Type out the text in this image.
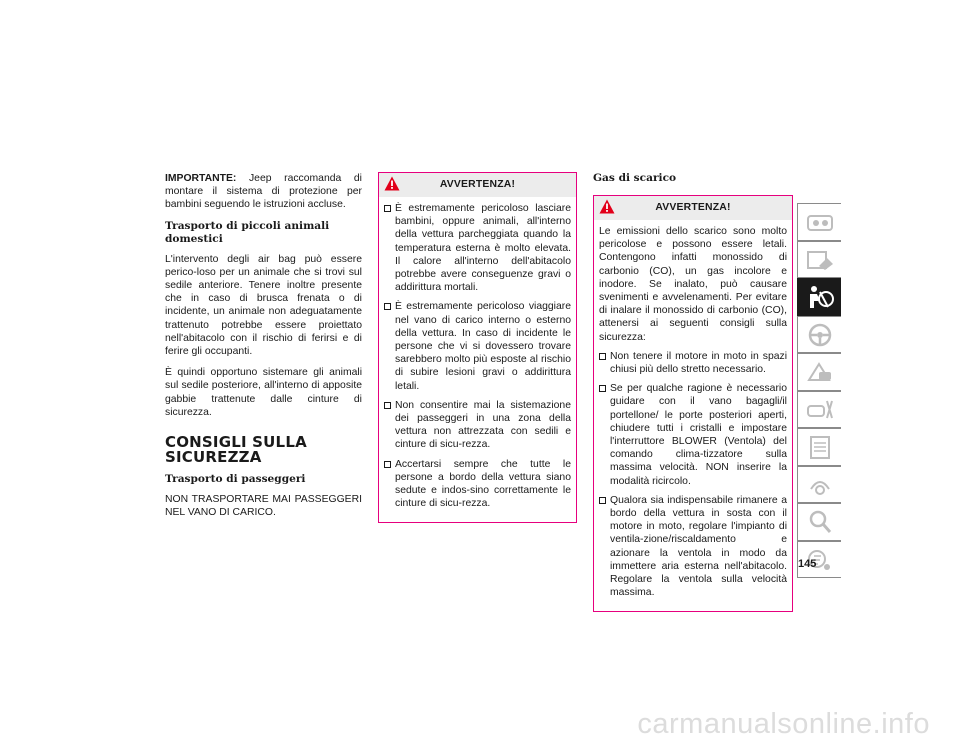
IMPORTANTE: Jeep raccomanda di montare il sistema di protezione per bambini seguendo le istruzioni accluse.

Trasporto di piccoli animali domestici

L'intervento degli air bag può essere perico-loso per un animale che si trovi sul sedile anteriore. Tenere inoltre presente che in caso di brusca frenata o di incidente, un animale non adeguatamente trattenuto potrebbe essere proiettato nell'abitacolo con il rischio di ferirsi e di ferire gli occupanti.

È quindi opportuno sistemare gli animali sul sedile posteriore, all'interno di apposite gabbie trattenute dalle cinture di sicurezza.

CONSIGLI SULLA
SICUREZZA
Trasporto di passeggeri

NON TRASPORTARE MAI PASSEGGERI NEL VANO DI CARICO.

AVVERTENZA!
È estremamente pericoloso lasciare bambini, oppure animali, all'interno della vettura parcheggiata quando la temperatura esterna è molto elevata. Il calore all'interno dell'abitacolo potrebbe avere conseguenze gravi o addirittura mortali.
È estremamente pericoloso viaggiare nel vano di carico interno o esterno della vettura. In caso di incidente le persone che vi si dovessero trovare sarebbero molto più esposte al rischio di subire lesioni gravi o addirittura letali.
Non consentire mai la sistemazione dei passeggeri in una zona della vettura non attrezzata con sedili e cinture di sicu-rezza.
Accertarsi sempre che tutte le persone a bordo della vettura siano sedute e indos-sino correttamente le cinture di sicu-rezza.
Gas di scarico
AVVERTENZA!

Le emissioni dello scarico sono molto pericolose e possono essere letali. Contengono infatti monossido di carbonio (CO), un gas incolore e inodore. Se inalato, può causare svenimenti e avvelenamenti. Per evitare di inalare il monossido di carbonio (CO), attenersi ai seguenti consigli sulla sicurezza:

Non tenere il motore in moto in spazi chiusi più dello stretto necessario.
Se per qualche ragione è necessario guidare con il vano bagagli/il portellone/ le porte posteriori aperti, chiudere tutti i cristalli e impostare l'interruttore BLOWER (Ventola) del comando clima-tizzatore sulla massima velocità. NON inserire la modalità ricircolo.
Qualora sia indispensabile rimanere a bordo della vettura in sosta con il motore in moto, regolare l'impianto di ventila-zione/riscaldamento e azionare la ventola in modo da immettere aria esterna nell'abitacolo. Regolare la ventola sulla velocità massima.
145
carmanualsonline.info
